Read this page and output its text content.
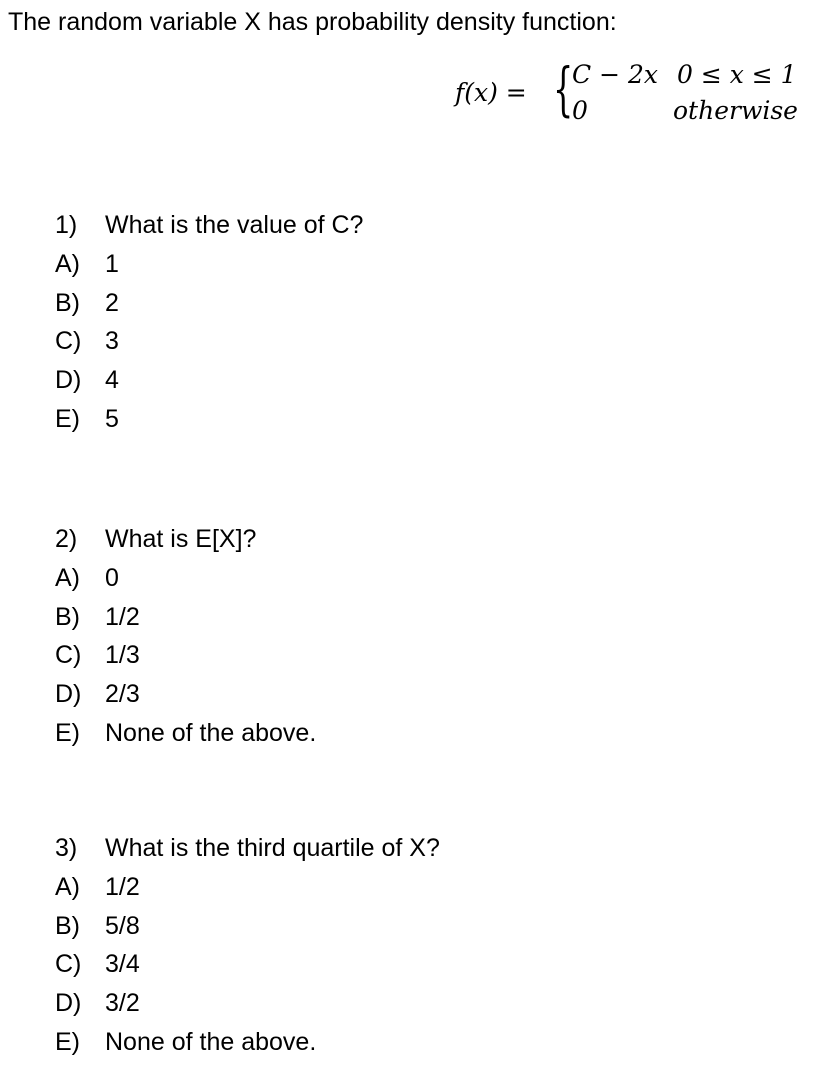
The random variable X has probability density function:
f(x) = {
C − 2x 0 ≤ x ≤ 1
0	otherwise
1) What is the value of C?
A) 1
B) 2
C) 3
D) 4
E) 5
2) What is E[X]?
A) 0
B) 1/2
C) 1/3
D) 2/3
E) None of the above.
3) What is the third quartile of X?
A) 1/2
B) 5/8
C) 3/4
D) 3/2
E) None of the above.
